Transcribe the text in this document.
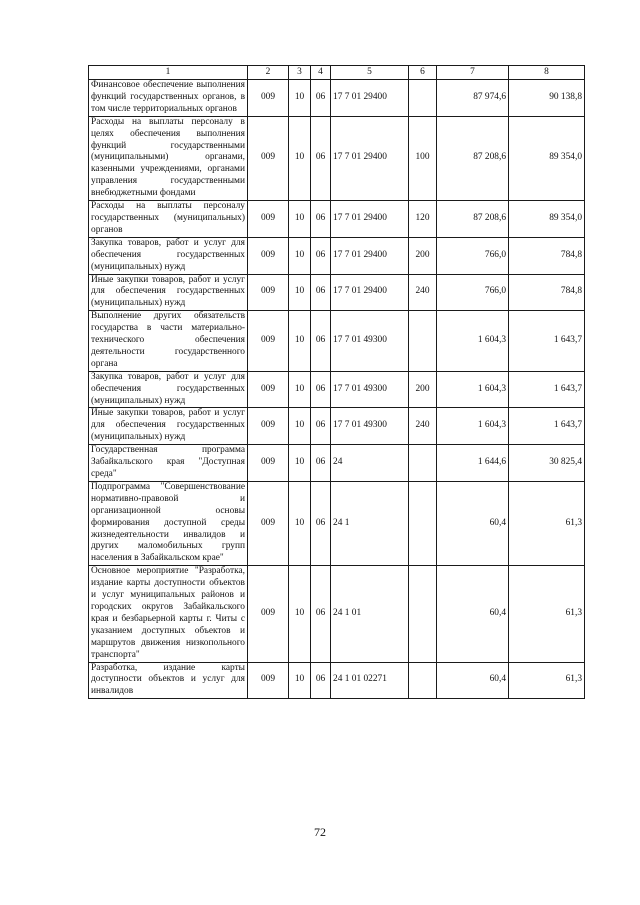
1	2	3	4	5	6	7	8
Финансовое обеспечение выполнения функций государственных органов, в том числе территориальных органов	009	10	06	17 7 01 29400		87 974,6	90 138,8
Расходы на выплаты персоналу в целях обеспечения выполнения функций государственными (муниципальными) органами, казенными учреждениями, органами управления государственными внебюджетными фондами	009	10	06	17 7 01 29400	100	87 208,6	89 354,0
Расходы на выплаты персоналу государственных (муниципальных) органов	009	10	06	17 7 01 29400	120	87 208,6	89 354,0
Закупка товаров, работ и услуг для обеспечения государственных (муниципальных) нужд	009	10	06	17 7 01 29400	200	766,0	784,8
Иные закупки товаров, работ и услуг для обеспечения государственных (муниципальных) нужд	009	10	06	17 7 01 29400	240	766,0	784,8
Выполнение других обязательств государства в части материально-технического обеспечения деятельности государственного органа	009	10	06	17 7 01 49300		1 604,3	1 643,7
Закупка товаров, работ и услуг для обеспечения государственных (муниципальных) нужд	009	10	06	17 7 01 49300	200	1 604,3	1 643,7
Иные закупки товаров, работ и услуг для обеспечения государственных (муниципальных) нужд	009	10	06	17 7 01 49300	240	1 604,3	1 643,7
Государственная программа Забайкальского края "Доступная среда"	009	10	06	24		1 644,6	30 825,4
Подпрограмма "Совершенствование нормативно-правовой и организационной основы формирования доступной среды жизнедеятельности инвалидов и других маломобильных групп населения в Забайкальском крае"	009	10	06	24 1		60,4	61,3
Основное мероприятие "Разработка, издание карты доступности объектов и услуг муниципальных районов и городских округов Забайкальского края и безбарьерной карты г. Читы с указанием доступных объектов и маршрутов движения низкопольного транспорта"	009	10	06	24 1 01		60,4	61,3
Разработка, издание карты доступности объектов и услуг для инвалидов	009	10	06	24 1 01 02271		60,4	61,3
72
